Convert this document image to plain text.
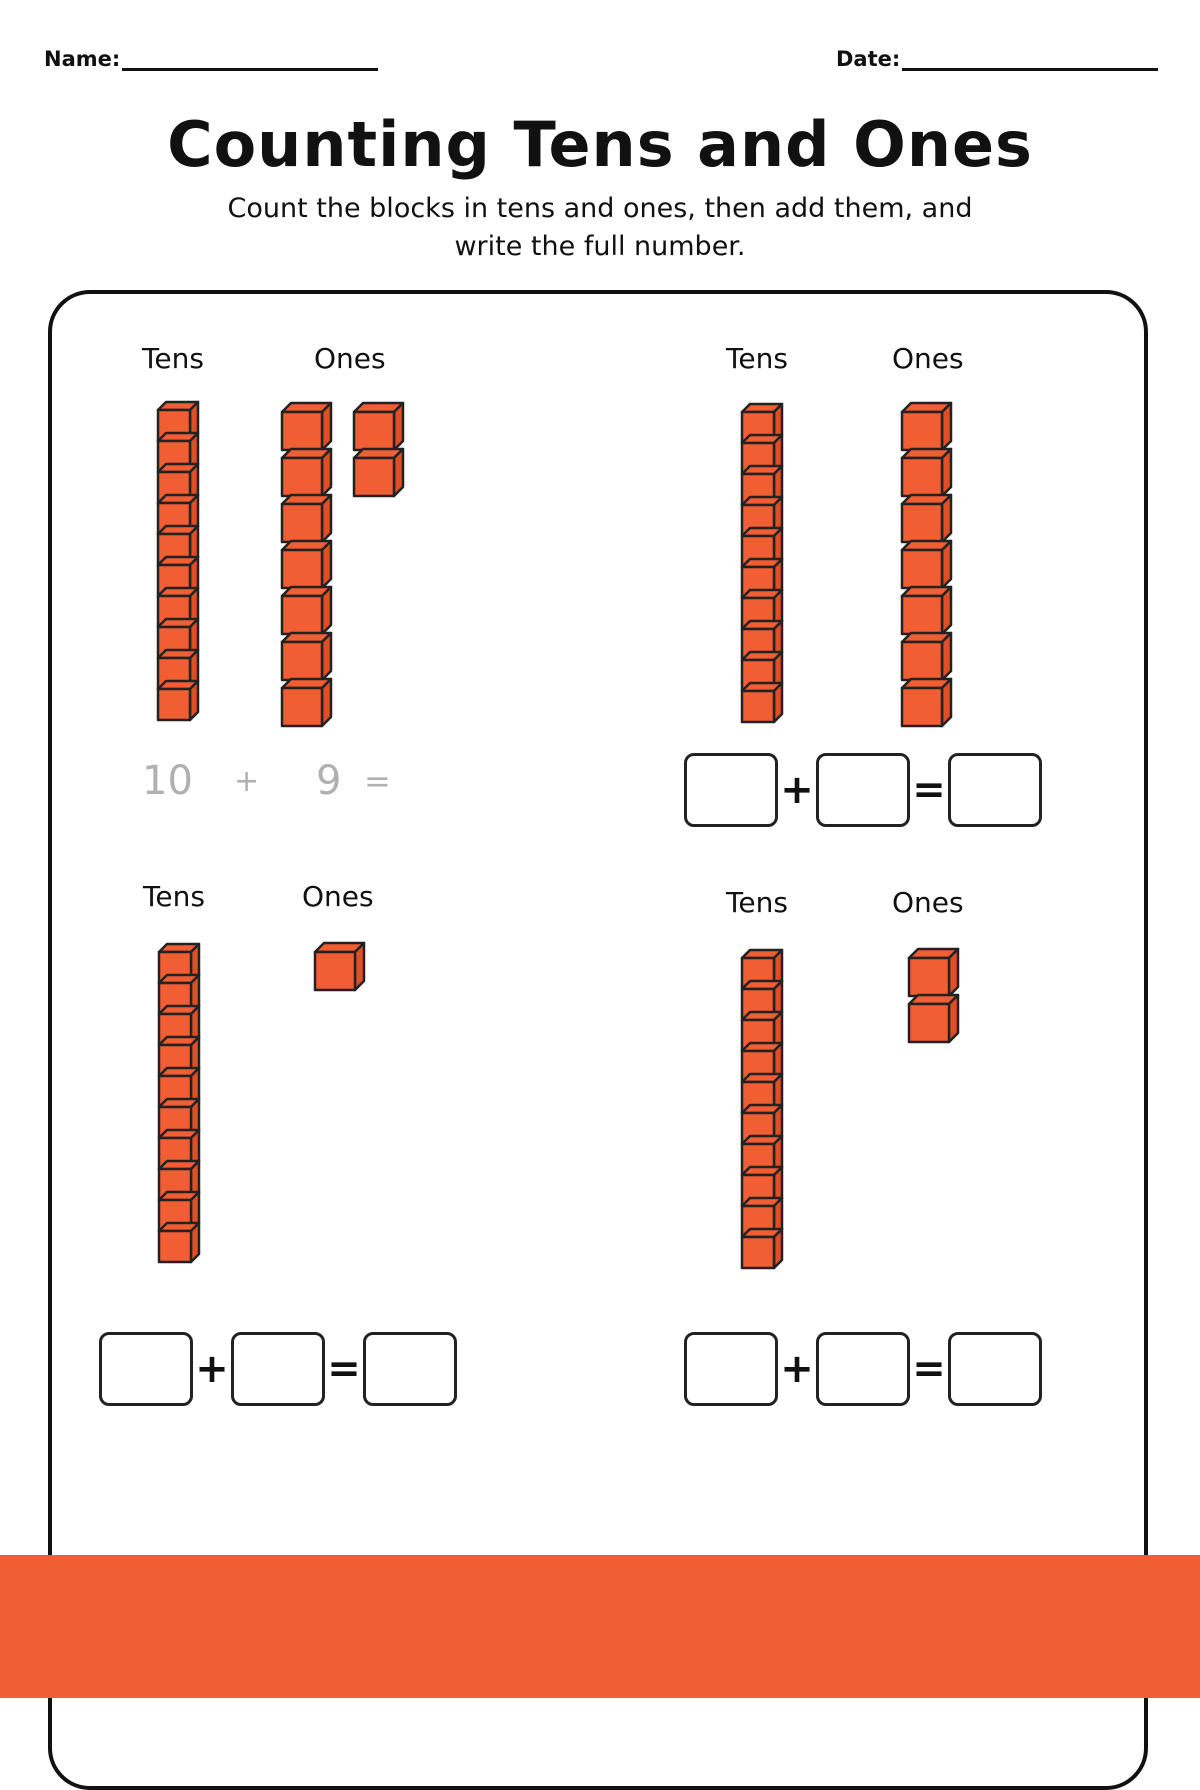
Name:	Date:
Counting Tens and Ones
Count the blocks in tens and ones, then add them, and
write the full number.
Tens	Ones	Tens	Ones
Tens	Ones	Tens	Ones
10 + 9 =	+ =
+ =	+ =
